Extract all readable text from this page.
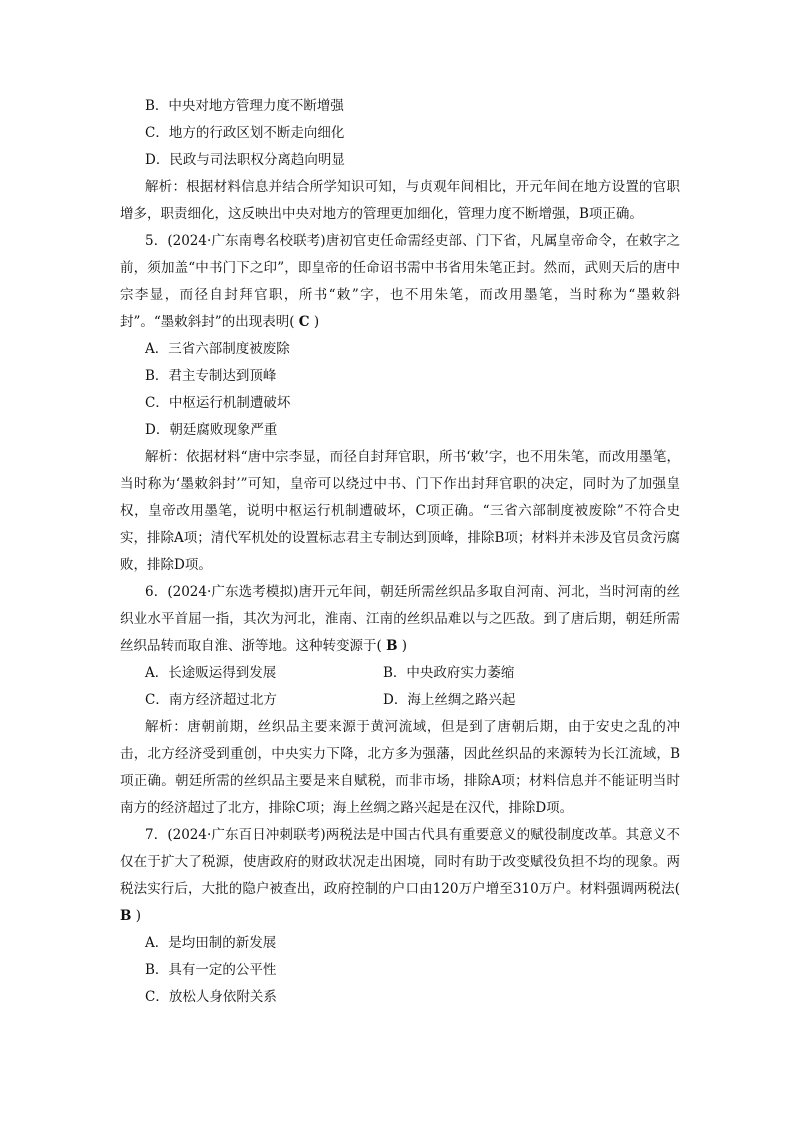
B．中央对地方管理力度不断增强

C．地方的行政区划不断走向细化

D．民政与司法职权分离趋向明显

解析：根据材料信息并结合所学知识可知，与贞观年间相比，开元年间在地方设置的官职增多，职责细化，这反映出中央对地方的管理更加细化，管理力度不断增强，B项正确。

5．(2024·广东南粤名校联考)唐初官吏任命需经吏部、门下省，凡属皇帝命令，在敕字之前，须加盖“中书门下之印”，即皇帝的任命诏书需中书省用朱笔正封。然而，武则天后的唐中宗李显，而径自封拜官职，所书“敕”字，也不用朱笔，而改用墨笔，当时称为“墨敕斜封”。“墨敕斜封”的出现表明( C )

A．三省六部制度被废除

B．君主专制达到顶峰

C．中枢运行机制遭破坏

D．朝廷腐败现象严重

解析：依据材料“唐中宗李显，而径自封拜官职，所书‘敕’字，也不用朱笔，而改用墨笔，当时称为‘墨敕斜封’”可知，皇帝可以绕过中书、门下作出封拜官职的决定，同时为了加强皇权，皇帝改用墨笔，说明中枢运行机制遭破坏，C项正确。“三省六部制度被废除”不符合史实，排除A项；清代军机处的设置标志君主专制达到顶峰，排除B项；材料并未涉及官员贪污腐败，排除D项。

6．(2024·广东选考模拟)唐开元年间，朝廷所需丝织品多取自河南、河北，当时河南的丝织业水平首屈一指，其次为河北，淮南、江南的丝织品难以与之匹敌。到了唐后期，朝廷所需丝织品转而取自淮、浙等地。这种转变源于( B )

A．长途贩运得到发展	B．中央政府实力萎缩

C．南方经济超过北方	D．海上丝绸之路兴起

解析：唐朝前期，丝织品主要来源于黄河流域，但是到了唐朝后期，由于安史之乱的冲击，北方经济受到重创，中央实力下降，北方多为强藩，因此丝织品的来源转为长江流域，B项正确。朝廷所需的丝织品主要是来自赋税，而非市场，排除A项；材料信息并不能证明当时南方的经济超过了北方，排除C项；海上丝绸之路兴起是在汉代，排除D项。

7．(2024·广东百日冲刺联考)两税法是中国古代具有重要意义的赋役制度改革。其意义不仅在于扩大了税源，使唐政府的财政状况走出困境，同时有助于改变赋役负担不均的现象。两税法实行后，大批的隐户被查出，政府控制的户口由120万户增至310万户。材料强调两税法( B )

A．是均田制的新发展

B．具有一定的公平性

C．放松人身依附关系
